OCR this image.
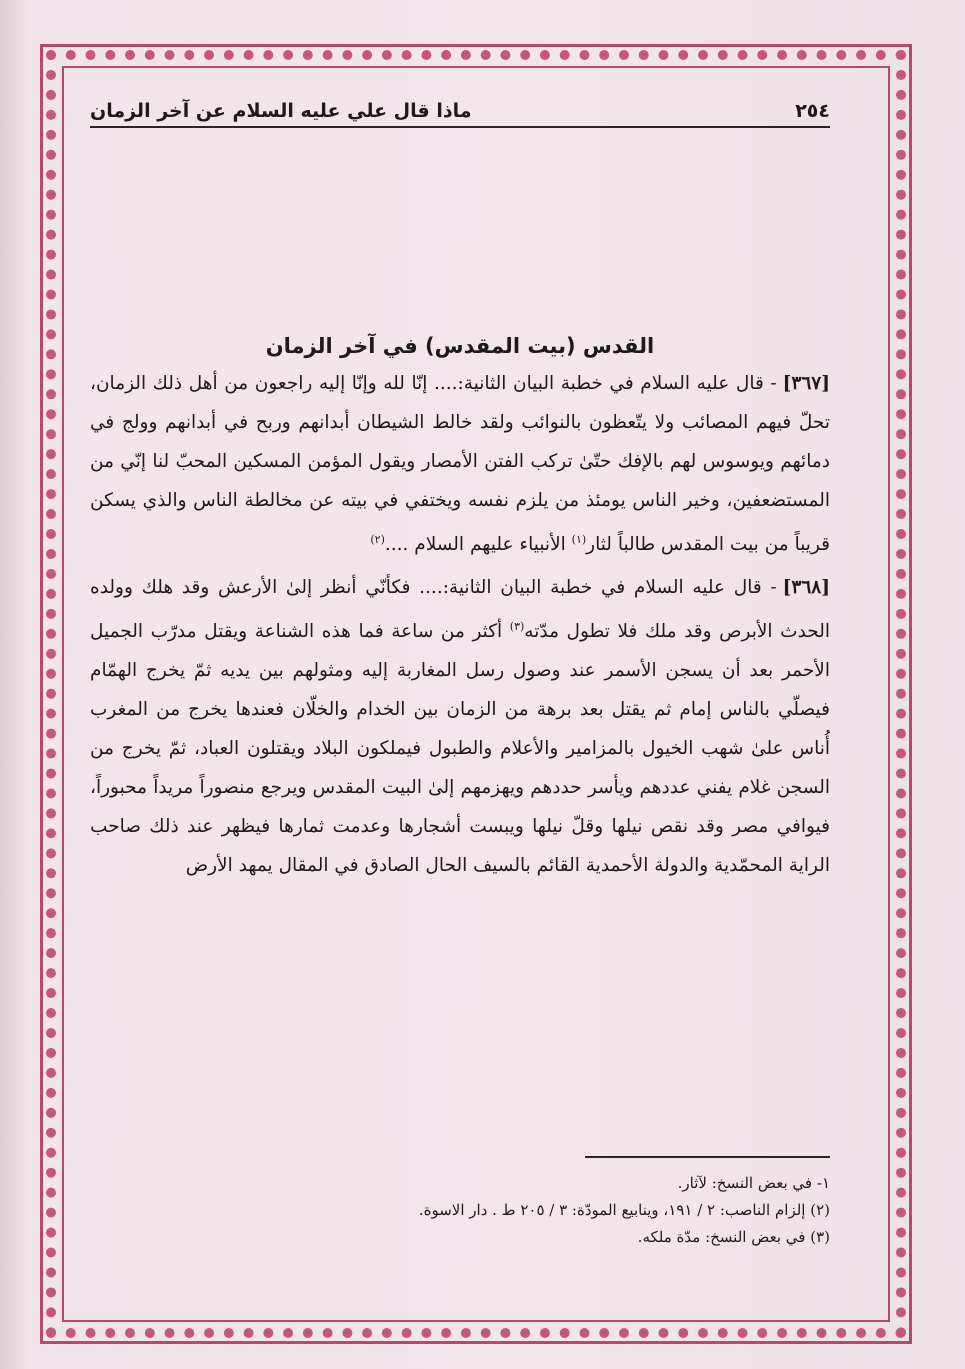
٢٥٤
ماذا قال علي عليه السلام عن آخر الزمان
القدس (بيت المقدس) في آخر الزمان

[٣٦٧]- قال عليه السلام في خطبة البيان الثانية:.... إنّا لله وإنّا إليه راجعون من أهل ذلك الزمان، تحلّ فيهم المصائب ولا يتّعظون بالنوائب ولقد خالط الشيطان أبدانهم وربح في أبدانهم وولج في دمائهم ويوسوس لهم بالإفك حتّىٰ تركب الفتن الأمصار ويقول المؤمن المسكين المحبّ لنا إنّي من المستضعفين، وخير الناس يومئذ من يلزم نفسه ويختفي في بيته عن مخالطة الناس والذي يسكن قريباً من بيت المقدس طالباً لثار$^{(١)}$ الأنبياء عليهم السلام ....$^{(٢)}$

[٣٦٨]- قال عليه السلام في خطبة البيان الثانية:.... فكأنّي أنظر إلىٰ الأرعش وقد هلك وولده الحدث الأبرص وقد ملك فلا تطول مدّته$^{(٣)}$ أكثر من ساعة فما هذه الشناعة ويقتل مدرّب الجميل الأحمر بعد أن يسجن الأسمر عند وصول رسل المغاربة إليه ومثولهم بين يديه ثمّ يخرج الهمّام فيصلّي بالناس إمام ثم يقتل بعد برهة من الزمان بين الخدام والخلّان فعندها يخرج من المغرب أُناس علىٰ شهب الخيول بالمزامير والأعلام والطبول فيملكون البلاد ويقتلون العباد، ثمّ يخرج من السجن غلام يفني عددهم ويأسر حددهم ويهزمهم إلىٰ البيت المقدس ويرجع منصوراً مريداً محبوراً، فيوافي مصر وقد نقص نيلها وقلّ نيلها ويبست أشجارها وعدمت ثمارها فيظهر عند ذلك صاحب الراية المحمّدية والدولة الأحمدية القائم بالسيف الحال الصادق في المقال يمهد الأرض

١- في بعض النسخ: لآثار.

(٢) إلزام الناصب: ٢ / ١٩١، وينابيع المودّة: ٣ / ٢٠٥ ط . دار الاسوة.

(٣) في بعض النسخ: مدّة ملكه.
